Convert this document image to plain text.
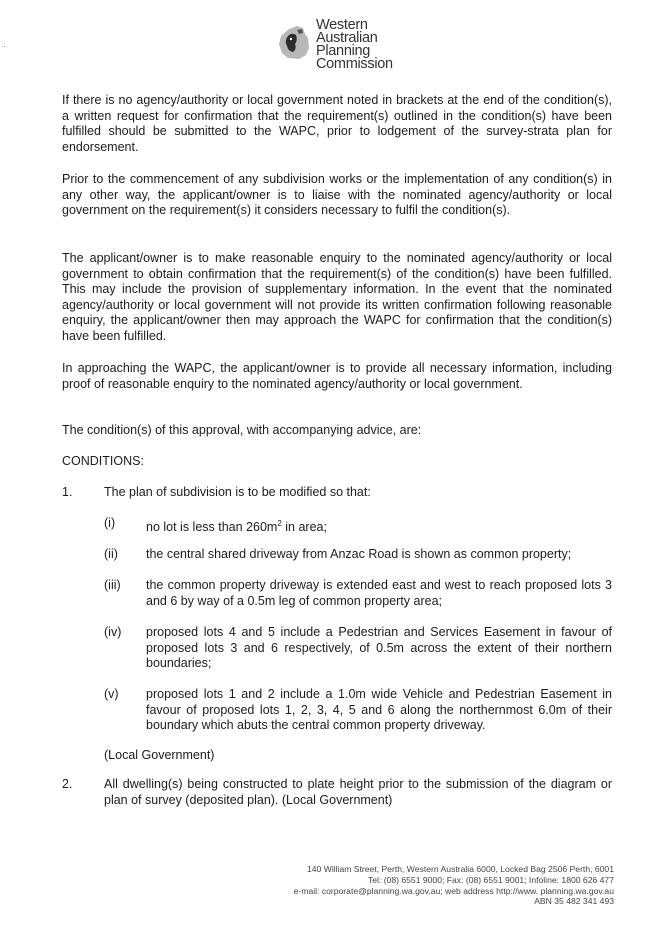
Western
Australian
Planning
Commission

If there is no agency/authority or local government noted in brackets at the end of the condition(s), a written request for confirmation that the requirement(s) outlined in the condition(s) have been fulfilled should be submitted to the WAPC, prior to lodgement of the survey-strata plan for endorsement.

Prior to the commencement of any subdivision works or the implementation of any condition(s) in any other way, the applicant/owner is to liaise with the nominated agency/authority or local government on the requirement(s) it considers necessary to fulfil the condition(s).

The applicant/owner is to make reasonable enquiry to the nominated agency/authority or local government to obtain confirmation that the requirement(s) of the condition(s) have been fulfilled. This may include the provision of supplementary information. In the event that the nominated agency/authority or local government will not provide its written confirmation following reasonable enquiry, the applicant/owner then may approach the WAPC for confirmation that the condition(s) have been fulfilled.

In approaching the WAPC, the applicant/owner is to provide all necessary information, including proof of reasonable enquiry to the nominated agency/authority or local government.

The condition(s) of this approval, with accompanying advice, are:

CONDITIONS:

1.	The plan of subdivision is to be modified so that:
(i) no lot is less than $260m^2$ in area;
(ii) the central shared driveway from Anzac Road is shown as common property;
(iii) the common property driveway is extended east and west to reach proposed lots 3 and 6 by way of a 0.5m leg of common property area;
(iv) proposed lots 4 and 5 include a Pedestrian and Services Easement in favour of proposed lots 3 and 6 respectively, of 0.5m across the extent of their northern boundaries;
(v) proposed lots 1 and 2 include a 1.0m wide Vehicle and Pedestrian Easement in favour of proposed lots 1, 2, 3, 4, 5 and 6 along the northernmost 6.0m of their boundary which abuts the central common property driveway.
(Local Government)
2.	All dwelling(s) being constructed to plate height prior to the submission of the diagram or plan of survey (deposited plan). (Local Government)
140 William Street, Perth, Western Australia 6000, Locked Bag 2506 Perth, 6001
Tel: (08) 6551 9000; Fax: (08) 6551 9001; Infoline: 1800 626 477
e-mail: corporate@planning.wa.gov.au; web address http://www. planning.wa.gov.au
ABN 35 482 341 493
